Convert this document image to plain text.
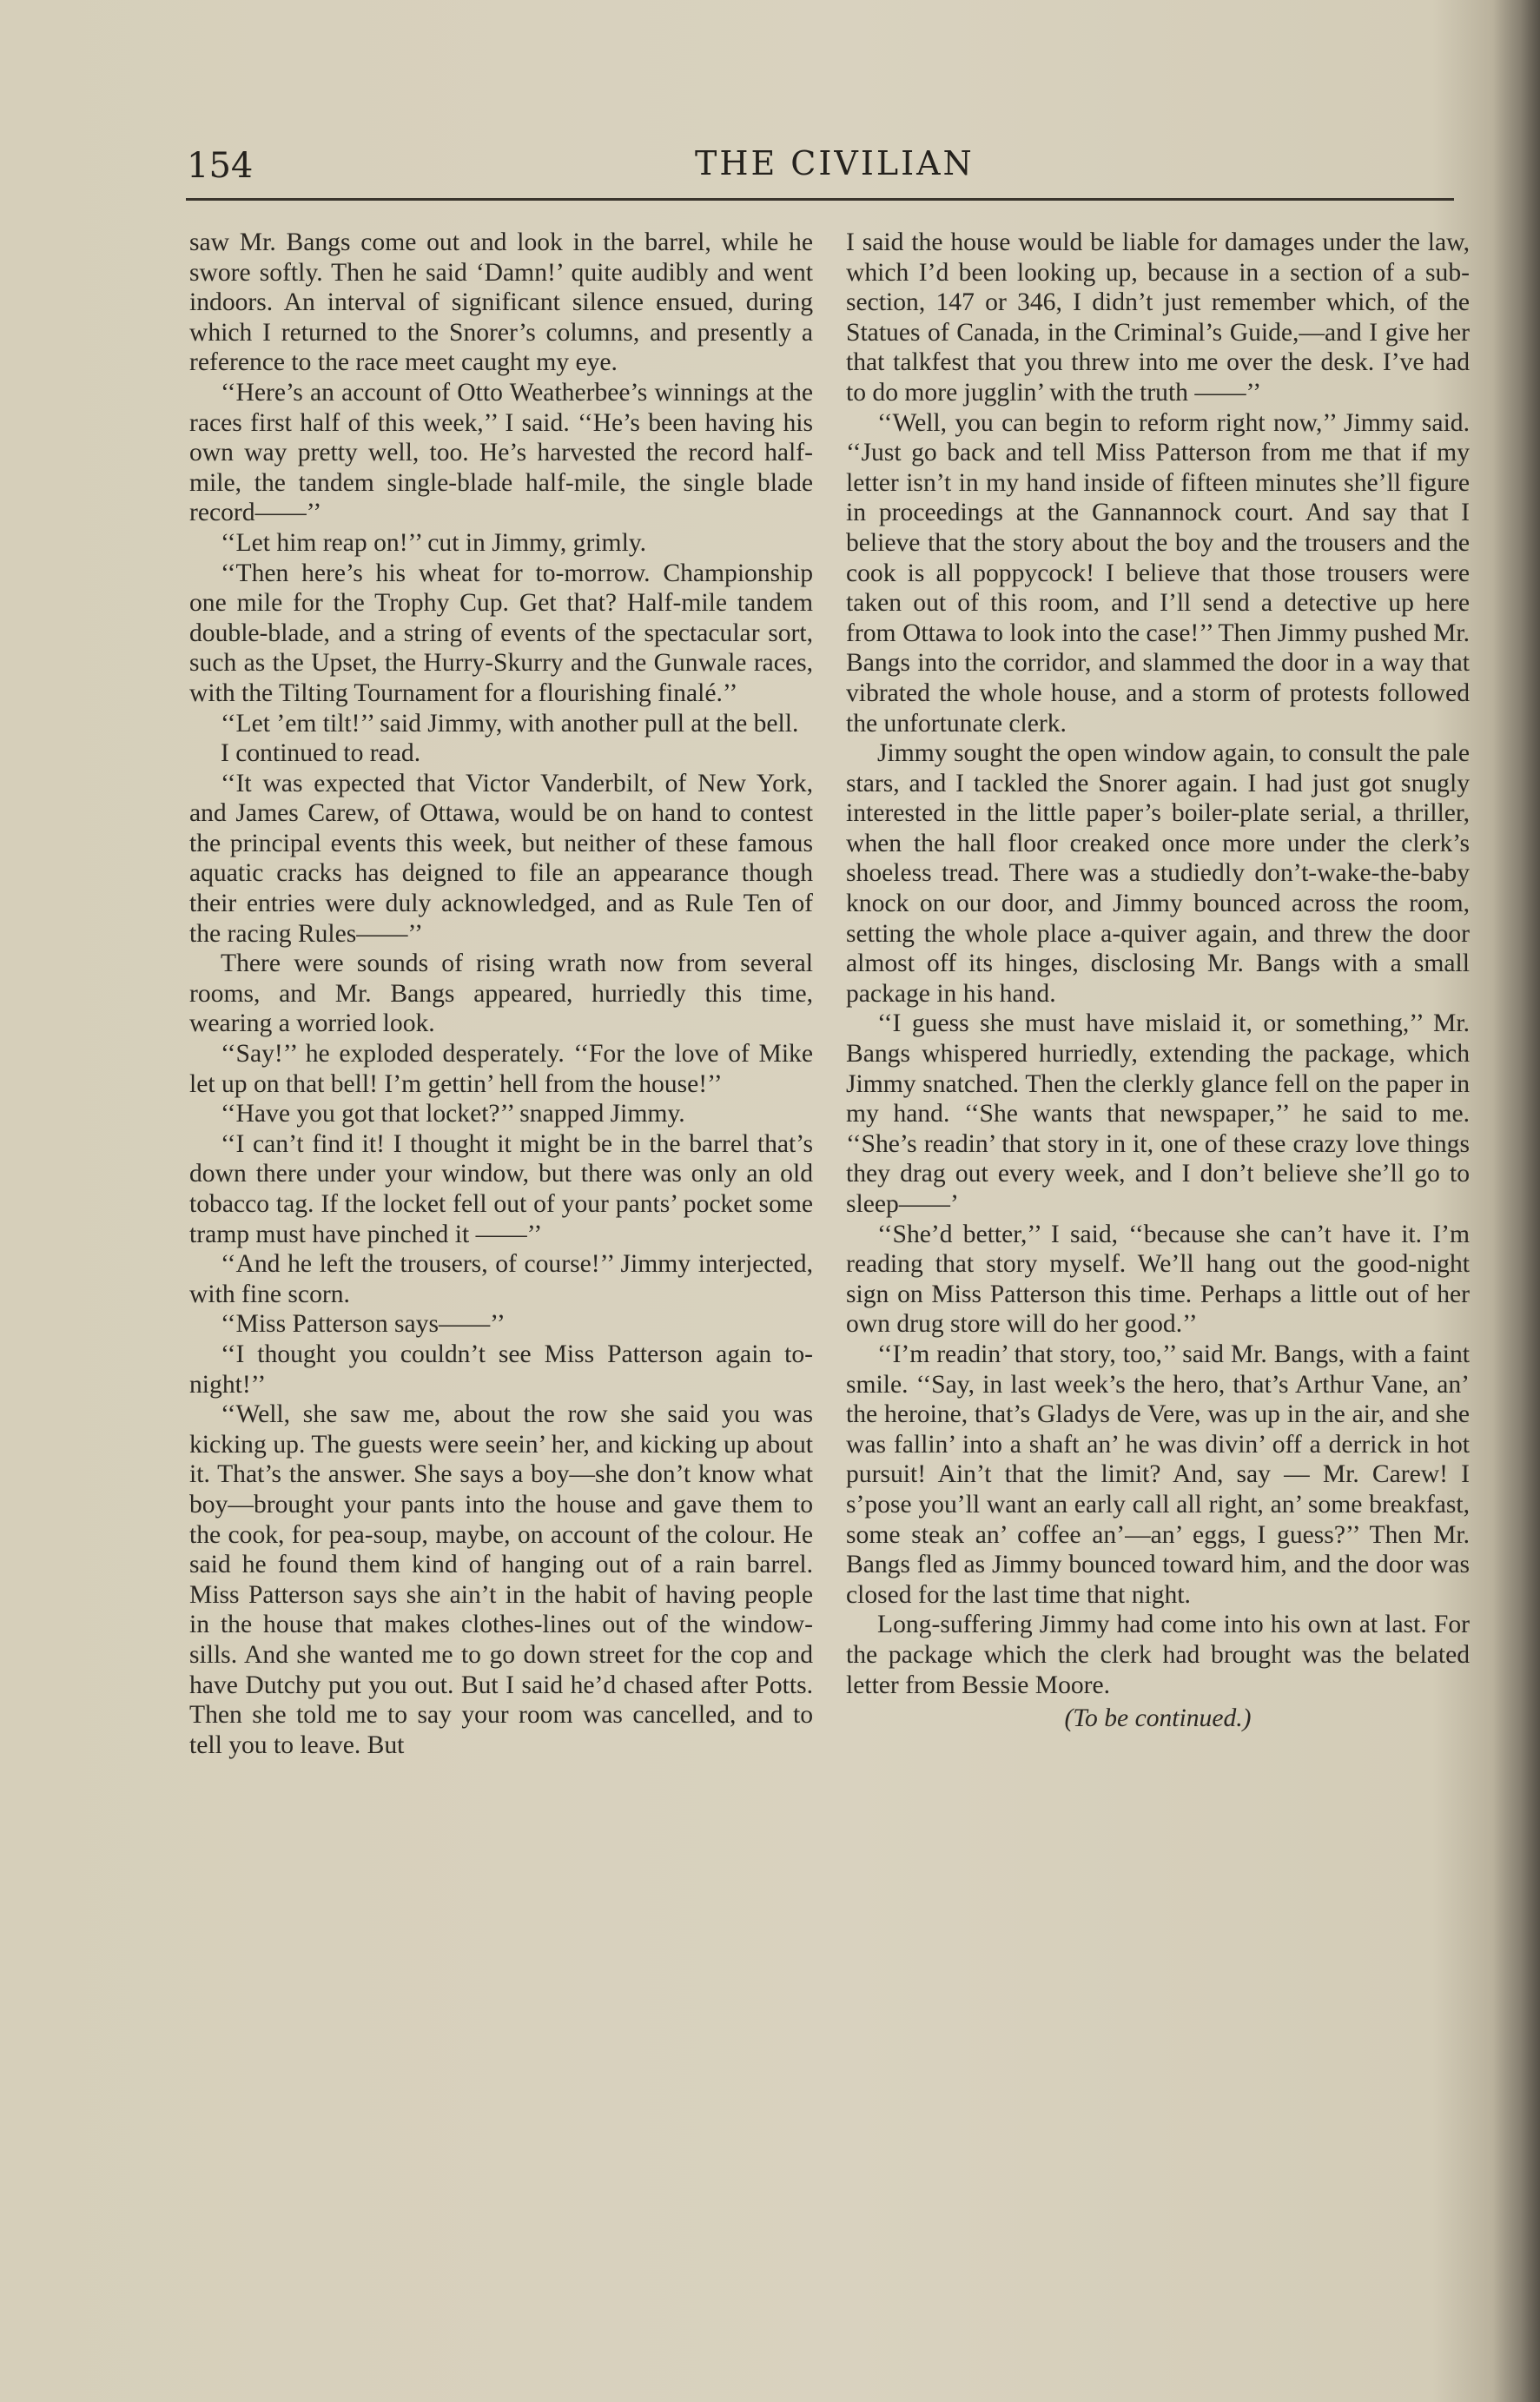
154	THE CIVILIAN

saw Mr. Bangs come out and look in the barrel, while he swore softly. Then he said ‘Damn!’ quite audibly and went indoors. An interval of significant silence ensued, during which I returned to the Snorer’s columns, and presently a reference to the race meet caught my eye.

‘‘Here’s an account of Otto Weatherbee’s winnings at the races first half of this week,’’ I said. ‘‘He’s been having his own way pretty well, too. He’s harvested the record half-mile, the tandem single-blade half-mile, the single blade record——’’

‘‘Let him reap on!’’ cut in Jimmy, grimly.

‘‘Then here’s his wheat for to-morrow. Championship one mile for the Trophy Cup. Get that? Half-mile tandem double-blade, and a string of events of the spectacular sort, such as the Upset, the Hurry-Skurry and the Gunwale races, with the Tilting Tournament for a flourishing finalé.’’

‘‘Let ’em tilt!’’ said Jimmy, with another pull at the bell.

I continued to read.

‘‘It was expected that Victor Vanderbilt, of New York, and James Carew, of Ottawa, would be on hand to contest the principal events this week, but neither of these famous aquatic cracks has deigned to file an appearance though their entries were duly acknowledged, and as Rule Ten of the racing Rules——’’

There were sounds of rising wrath now from several rooms, and Mr. Bangs appeared, hurriedly this time, wearing a worried look.

‘‘Say!’’ he exploded desperately. ‘‘For the love of Mike let up on that bell! I’m gettin’ hell from the house!’’

‘‘Have you got that locket?’’ snapped Jimmy.

‘‘I can’t find it! I thought it might be in the barrel that’s down there under your window, but there was only an old tobacco tag. If the locket fell out of your pants’ pocket some tramp must have pinched it ——’’

‘‘And he left the trousers, of course!’’ Jimmy interjected, with fine scorn.

‘‘Miss Patterson says——’’

‘‘I thought you couldn’t see Miss Patterson again to-night!’’

‘‘Well, she saw me, about the row she said you was kicking up. The guests were seein’ her, and kicking up about it. That’s the answer. She says a boy—she don’t know what boy—brought your pants into the house and gave them to the cook, for pea-soup, maybe, on account of the colour. He said he found them kind of hanging out of a rain barrel. Miss Patterson says she ain’t in the habit of having people in the house that makes clothes-lines out of the window-sills. And she wanted me to go down street for the cop and have Dutchy put you out. But I said he’d chased after Potts. Then she told me to say your room was cancelled, and to tell you to leave. But

I said the house would be liable for damages under the law, which I’d been looking up, because in a section of a sub-section, 147 or 346, I didn’t just remember which, of the Statues of Canada, in the Criminal’s Guide,—and I give her that talkfest that you threw into me over the desk. I’ve had to do more jugglin’ with the truth ——’’

‘‘Well, you can begin to reform right now,’’ Jimmy said. ‘‘Just go back and tell Miss Patterson from me that if my letter isn’t in my hand inside of fifteen minutes she’ll figure in proceedings at the Gannannock court. And say that I believe that the story about the boy and the trousers and the cook is all poppycock! I believe that those trousers were taken out of this room, and I’ll send a detective up here from Ottawa to look into the case!’’ Then Jimmy pushed Mr. Bangs into the corridor, and slammed the door in a way that vibrated the whole house, and a storm of protests followed the unfortunate clerk.

Jimmy sought the open window again, to consult the pale stars, and I tackled the Snorer again. I had just got snugly interested in the little paper’s boiler-plate serial, a thriller, when the hall floor creaked once more under the clerk’s shoeless tread. There was a studiedly don’t-wake-the-baby knock on our door, and Jimmy bounced across the room, setting the whole place a-quiver again, and threw the door almost off its hinges, disclosing Mr. Bangs with a small package in his hand.

‘‘I guess she must have mislaid it, or something,’’ Mr. Bangs whispered hurriedly, extending the package, which Jimmy snatched. Then the clerkly glance fell on the paper in my hand. ‘‘She wants that newspaper,’’ he said to me. ‘‘She’s readin’ that story in it, one of these crazy love things they drag out every week, and I don’t believe she’ll go to sleep——’

‘‘She’d better,’’ I said, ‘‘because she can’t have it. I’m reading that story myself. We’ll hang out the good-night sign on Miss Patterson this time. Perhaps a little out of her own drug store will do her good.’’

‘‘I’m readin’ that story, too,’’ said Mr. Bangs, with a faint smile. ‘‘Say, in last week’s the hero, that’s Arthur Vane, an’ the heroine, that’s Gladys de Vere, was up in the air, and she was fallin’ into a shaft an’ he was divin’ off a derrick in hot pursuit! Ain’t that the limit? And, say — Mr. Carew! I s’pose you’ll want an early call all right, an’ some breakfast, some steak an’ coffee an’—an’ eggs, I guess?’’ Then Mr. Bangs fled as Jimmy bounced toward him, and the door was closed for the last time that night.

Long-suffering Jimmy had come into his own at last. For the package which the clerk had brought was the belated letter from Bessie Moore.

(To be continued.)
